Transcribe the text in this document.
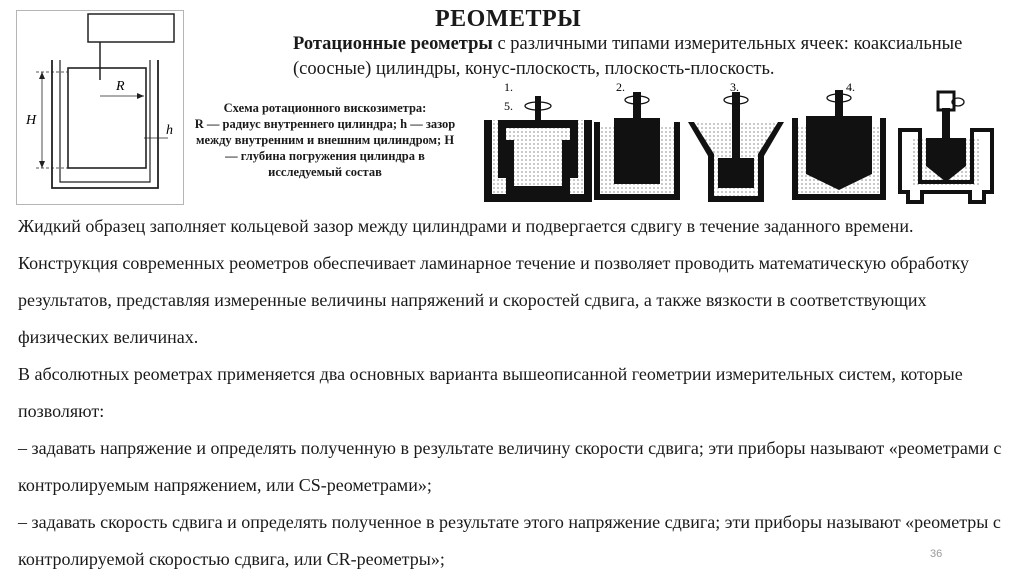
РЕОМЕТРЫ
Ротационные реометры с различными типами измерительных ячеек: коаксиальные (соосные) цилиндры, конус-плоскость, плоскость-плоскость.
R
H
h
Схема ротационного вискозиметра:
R — радиус внутреннего цилиндра; h — зазор между внутренним и внешним цилиндром; H — глубина погружения цилиндра в исследуемый состав
1.
5.
2.	3.	4.

Жидкий образец заполняет кольцевой зазор между цилиндрами и подвергается сдвигу в течение заданного времени. Конструкция современных реометров обеспечивает ламинарное течение и позволяет проводить математическую обработку результатов, представляя измеренные величины напряжений и скоростей сдвига, а также вязкости в соответствующих физических величинах.

В абсолютных реометрах применяется два основных варианта вышеописанной геометрии измерительных систем, которые позволяют:

– задавать напряжение и определять полученную в результате величину скорости сдвига; эти приборы называют «реометрами с контролируемым напряжением, или CS-реометрами»;

– задавать скорость сдвига и определять полученное в результате этого напряжение сдвига; эти приборы называют «реометры с контролируемой скоростью сдвига, или CR-реометры»;	36
